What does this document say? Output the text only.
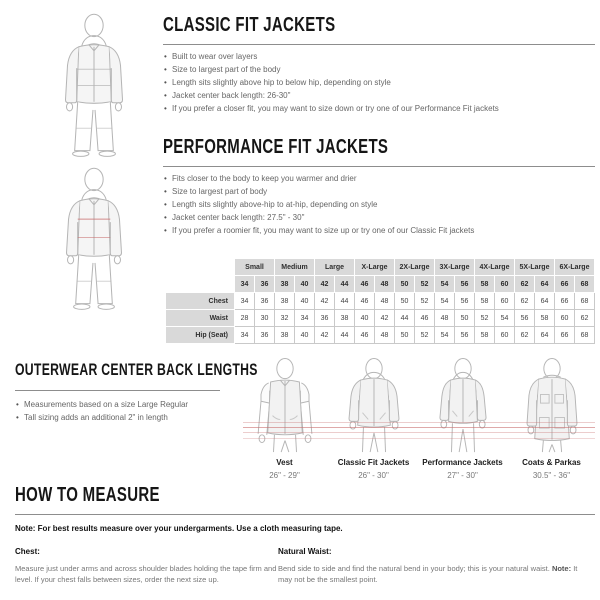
CLASSIC FIT JACKETS
• Built to wear over layers
• Size to largest part of the body
• Length sits slightly above hip to below hip, depending on style
• Jacket center back length: 26-30"
• If you prefer a closer fit, you may want to size down or try one of our Performance Fit jackets
PERFORMANCE FIT JACKETS
• Fits closer to the body to keep you warmer and drier
• Size to largest part of body
• Length sits slightly above-hip to at-hip, depending on style
• Jacket center back length: 27.5" - 30"
• If you prefer a roomier fit, you may want to size up or try one of our Classic Fit jackets
	Small		Medium		Large		X-Large		2X-Large		3X-Large		4X-Large		5X-Large		6X-Large	
	34	36	38	40	42	44	46	48	50	52	54	56	58	60	62	64	66	68
Chest	34	36	38	40	42	44	46	48	50	52	54	56	58	60	62	64	66	68
Waist	28	30	32	34	36	38	40	42	44	46	48	50	52	54	56	58	60	62
Hip (Seat)	34	36	38	40	42	44	46	48	50	52	54	56	58	60	62	64	66	68
OUTERWEAR CENTER BACK LENGTHS
• Measurements based on a size Large Regular
• Tall sizing adds an additional 2" in length
Vest
26" - 29"
Classic Fit Jackets
26" - 30"
Performance Jackets
27" - 30"
Coats & Parkas
30.5" - 36"
HOW TO MEASURE
Note: For best results measure over your undergarments. Use a cloth measuring tape.
Chest:

Measure just under arms and across shoulder blades holding the tape firm and level. If your chest falls between sizes, order the next size up.

Natural Waist:

Bend side to side and find the natural bend in your body; this is your natural waist. Note: It may not be the smallest point.
